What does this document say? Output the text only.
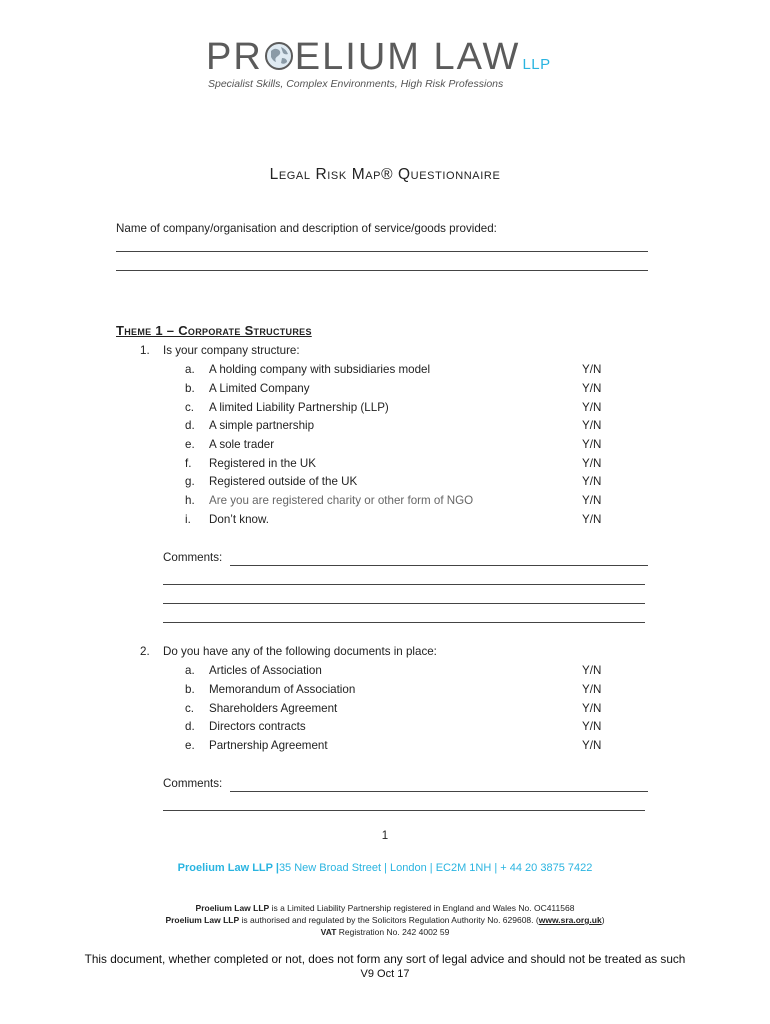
PR ELIUM LAW LLP
Specialist Skills, Complex Environments, High Risk Professions
Legal Risk Map® Questionnaire
Name of company/organisation and description of service/goods provided:
Theme 1 – Corporate Structures
1. Is your company structure:
a. A holding company with subsidiaries model	Y/N
b. A Limited Company	Y/N
c. A limited Liability Partnership (LLP)	Y/N
d. A simple partnership	Y/N
e. A sole trader	Y/N
f. Registered in the UK	Y/N
g. Registered outside of the UK	Y/N
h. Are you are registered charity or other form of NGO	Y/N
i. Don’t know.	Y/N
Comments:
2. Do you have any of the following documents in place:
a. Articles of Association	Y/N
b. Memorandum of Association	Y/N
c. Shareholders Agreement	Y/N
d. Directors contracts	Y/N
e. Partnership Agreement	Y/N
Comments:
1
Proelium Law LLP |35 New Broad Street | London | EC2M 1NH | + 44 20 3875 7422
Proelium Law LLP is a Limited Liability Partnership registered in England and Wales No. OC411568
Proelium Law LLP is authorised and regulated by the Solicitors Regulation Authority No. 629608. (www.sra.org.uk)
VAT Registration No. 242 4002 59
This document, whether completed or not, does not form any sort of legal advice and should not be treated as such
V9 Oct 17
